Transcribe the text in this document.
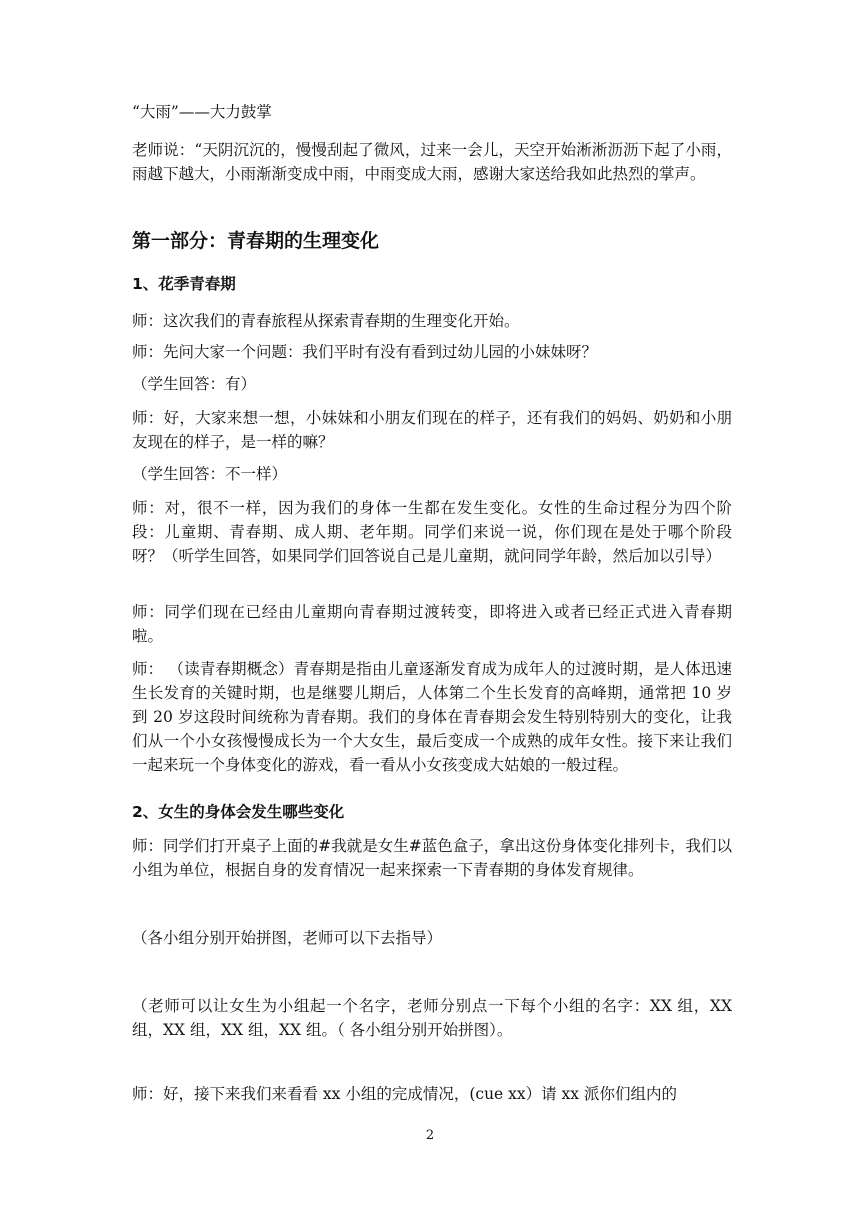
“大雨”——大力鼓掌

老师说：“天阴沉沉的，慢慢刮起了微风，过来一会儿，天空开始淅淅沥沥下起了小雨，雨越下越大，小雨渐渐变成中雨，中雨变成大雨，感谢大家送给我如此热烈的掌声。

第一部分：青春期的生理变化

1、花季青春期

师：这次我们的青春旅程从探索青春期的生理变化开始。

师：先问大家一个问题：我们平时有没有看到过幼儿园的小妹妹呀？

（学生回答：有）

师：好，大家来想一想，小妹妹和小朋友们现在的样子，还有我们的妈妈、奶奶和小朋友现在的样子，是一样的嘛？

（学生回答：不一样）

师：对，很不一样，因为我们的身体一生都在发生变化。女性的生命过程分为四个阶段：儿童期、青春期、成人期、老年期。同学们来说一说，你们现在是处于哪个阶段呀？（听学生回答，如果同学们回答说自己是儿童期，就问同学年龄，然后加以引导）

师：同学们现在已经由儿童期向青春期过渡转变，即将进入或者已经正式进入青春期啦。

师： （读青春期概念）青春期是指由儿童逐渐发育成为成年人的过渡时期，是人体迅速生长发育的关键时期，也是继婴儿期后，人体第二个生长发育的高峰期，通常把 10 岁到 20 岁这段时间统称为青春期。我们的身体在青春期会发生特别特别大的变化，让我们从一个小女孩慢慢成长为一个大女生，最后变成一个成熟的成年女性。接下来让我们一起来玩一个身体变化的游戏，看一看从小女孩变成大姑娘的一般过程。

2、女生的身体会发生哪些变化

师：同学们打开桌子上面的#我就是女生#蓝色盒子，拿出这份身体变化排列卡，我们以小组为单位，根据自身的发育情况一起来探索一下青春期的身体发育规律。

（各小组分别开始拼图，老师可以下去指导）

（老师可以让女生为小组起一个名字，老师分别点一下每个小组的名字：XX 组，XX 组，XX 组，XX 组，XX 组。（ 各小组分别开始拼图）。

师：好，接下来我们来看看 xx 小组的完成情况，(cue xx）请 xx 派你们组内的

2
